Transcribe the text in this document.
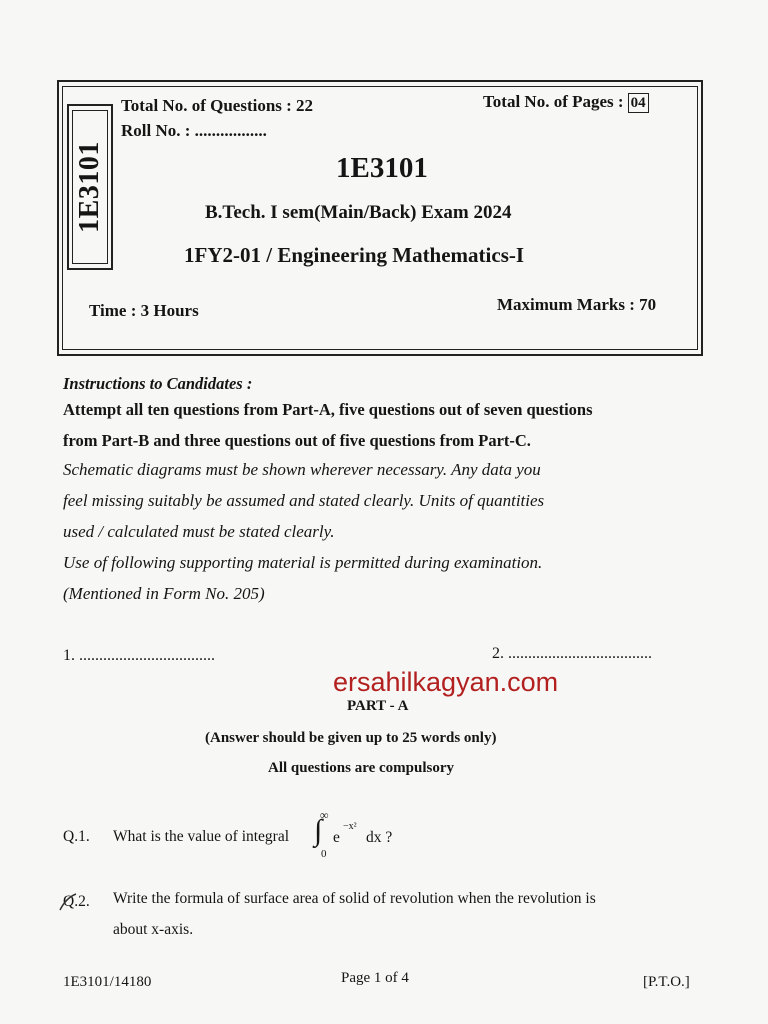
1E3101
Total No. of Questions : 22	Total No. of Pages : 04
Roll No. : .................
1E3101
B.Tech. I sem(Main/Back) Exam 2024
1FY2-01 / Engineering Mathematics-I
Time : 3 Hours	Maximum Marks : 70
Instructions to Candidates :
Attempt all ten questions from Part-A, five questions out of seven questions
from Part-B and three questions out of five questions from Part-C.
Schematic diagrams must be shown wherever necessary. Any data you
feel missing suitably be assumed and stated clearly. Units of quantities
used / calculated must be stated clearly.
Use of following supporting material is permitted during examination.
(Mentioned in Form No. 205)
1. ..................................	2. ....................................
ersahilkagyan.com
PART - A
(Answer should be given up to 25 words only)
All questions are compulsory
Q.1. What is the value of integral
∞
∫
0
e
−x²
dx ?
Q.2. Write the formula of surface area of solid of revolution when the revolution is
about x-axis.
1E3101/14180	Page 1 of 4	[P.T.O.]
